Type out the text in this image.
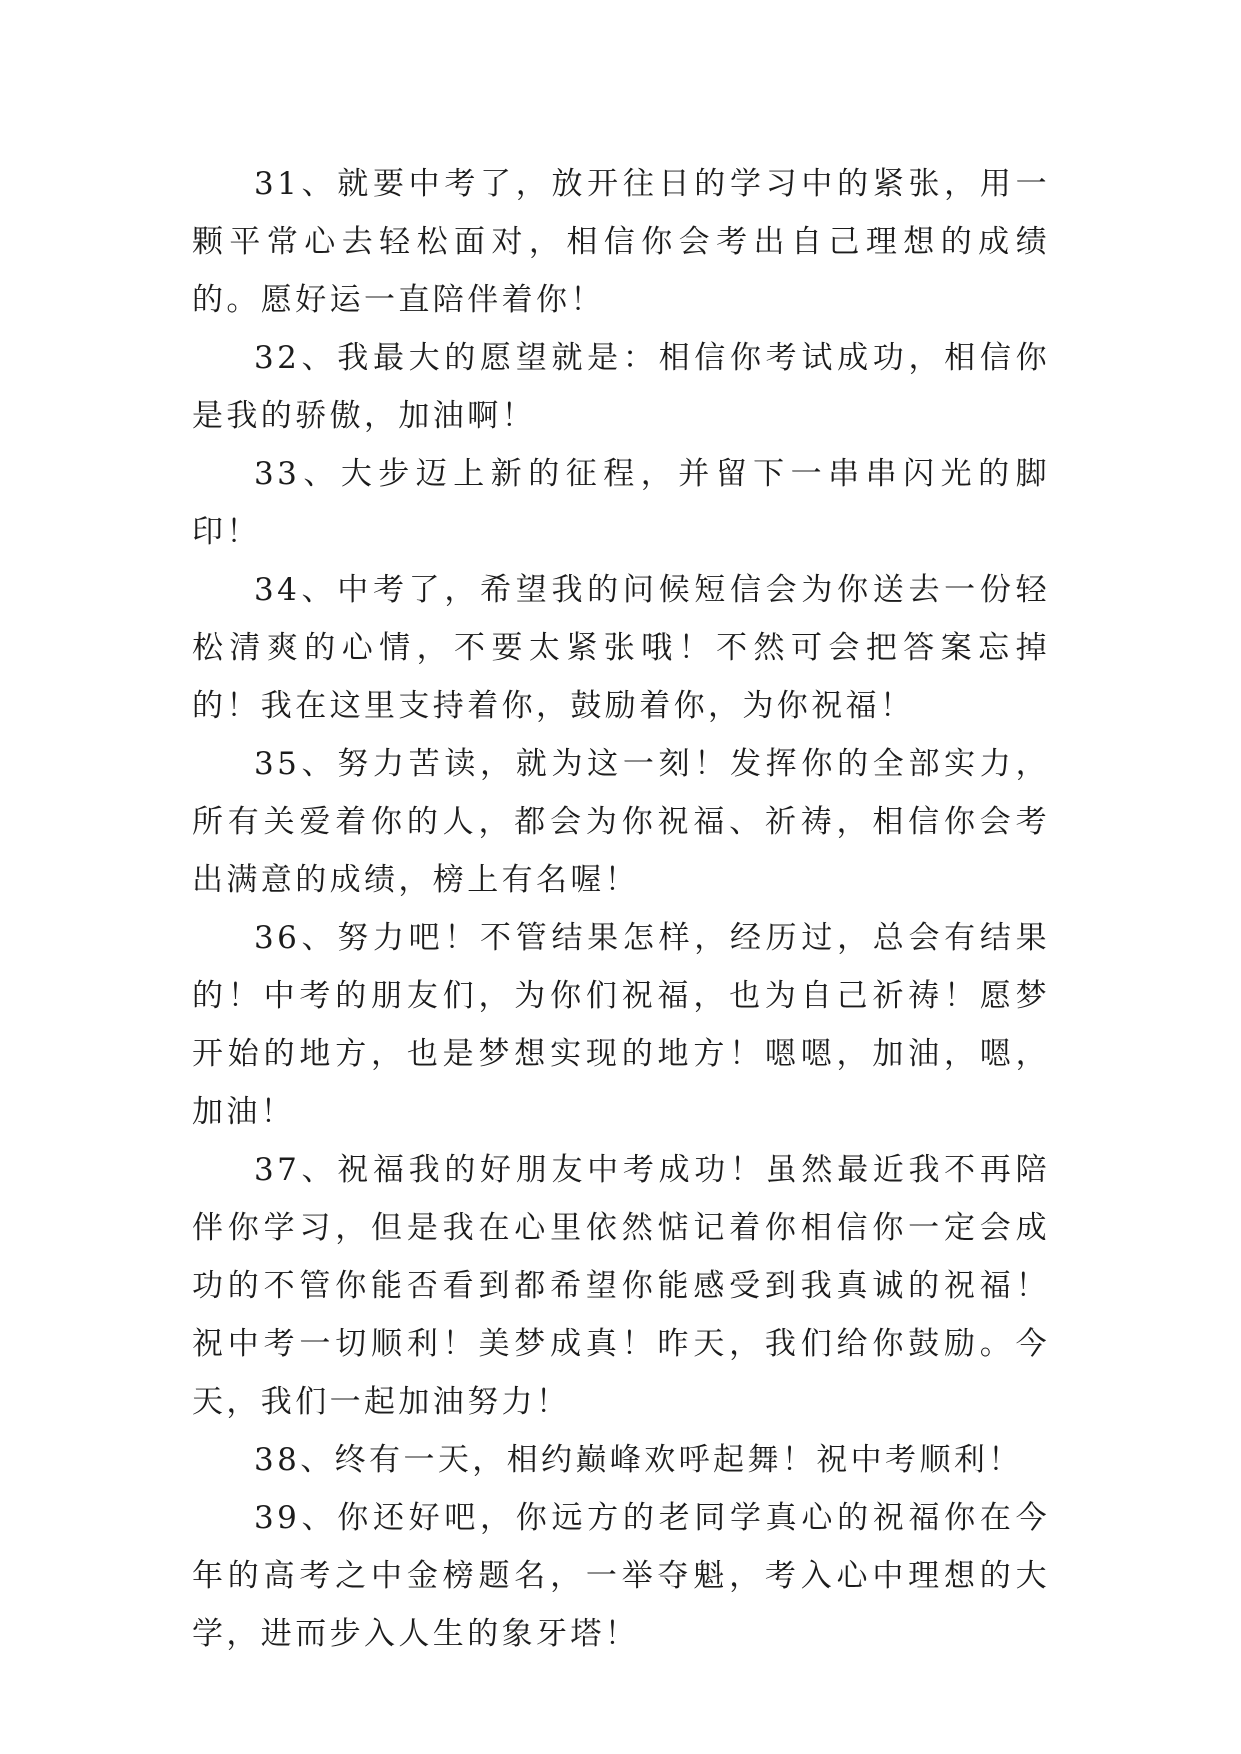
31、就要中考了，放开往日的学习中的紧张，用一颗平常心去轻松面对，相信你会考出自己理想的成绩的。愿好运一直陪伴着你！

32、我最大的愿望就是：相信你考试成功，相信你是我的骄傲，加油啊！

33、大步迈上新的征程，并留下一串串闪光的脚印！

34、中考了，希望我的问候短信会为你送去一份轻松清爽的心情，不要太紧张哦！不然可会把答案忘掉的！我在这里支持着你，鼓励着你，为你祝福！

35、努力苦读，就为这一刻！发挥你的全部实力，所有关爱着你的人，都会为你祝福、祈祷，相信你会考出满意的成绩，榜上有名喔！

36、努力吧！不管结果怎样，经历过，总会有结果的！中考的朋友们，为你们祝福，也为自己祈祷！愿梦开始的地方，也是梦想实现的地方！嗯嗯，加油，嗯，加油！

37、祝福我的好朋友中考成功！虽然最近我不再陪伴你学习，但是我在心里依然惦记着你相信你一定会成功的不管你能否看到都希望你能感受到我真诚的祝福！祝中考一切顺利！美梦成真！昨天，我们给你鼓励。今天，我们一起加油努力！

38、终有一天，相约巅峰欢呼起舞！祝中考顺利！

39、你还好吧，你远方的老同学真心的祝福你在今年的高考之中金榜题名，一举夺魁，考入心中理想的大学，进而步入人生的象牙塔！
